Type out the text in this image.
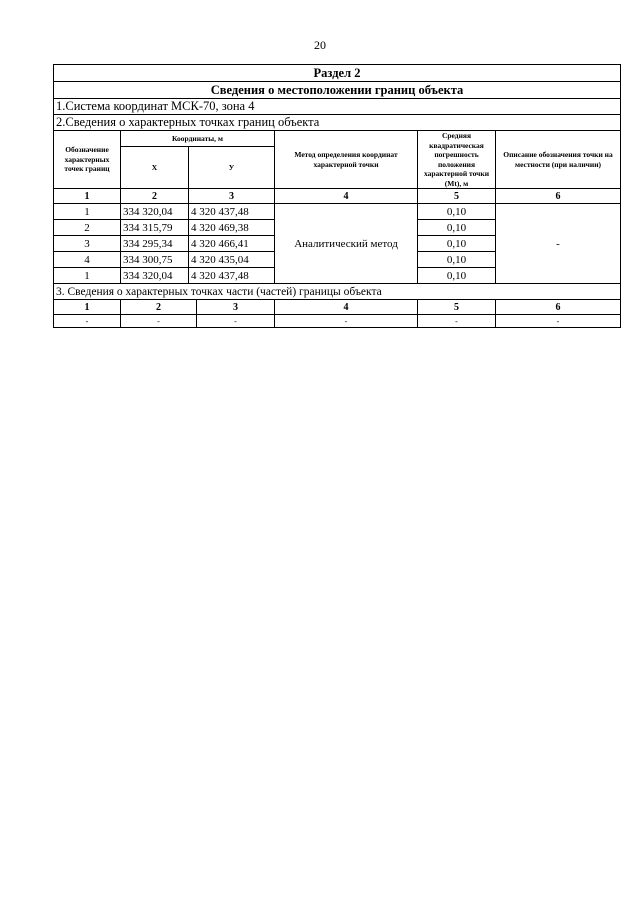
20
Раздел 2						
Сведения о местоположении границ объекта						
1.Система координат МСК-70, зона 4						
2.Сведения о характерных точках границ объекта						
Обозначение характерных точек границ	Координаты, м			Метод определения координат характерной точки	Средняя квадратическая погрешность положения характерной точки (Mt), м	Описание обозначения точки на местности (при наличии)
	Х	У				
1	2	3		4	5	6
1	334 320,04	4 320 437,48		Аналитический метод	0,10	-
2	334 315,79	4 320 469,38			0,10	
3	334 295,34	4 320 466,41			0,10	
4	334 300,75	4 320 435,04			0,10	
1	334 320,04	4 320 437,48			0,10	
3. Сведения о характерных точках части (частей) границы объекта						
1	2		3	4	5	6
-	-		-	-	-	-
